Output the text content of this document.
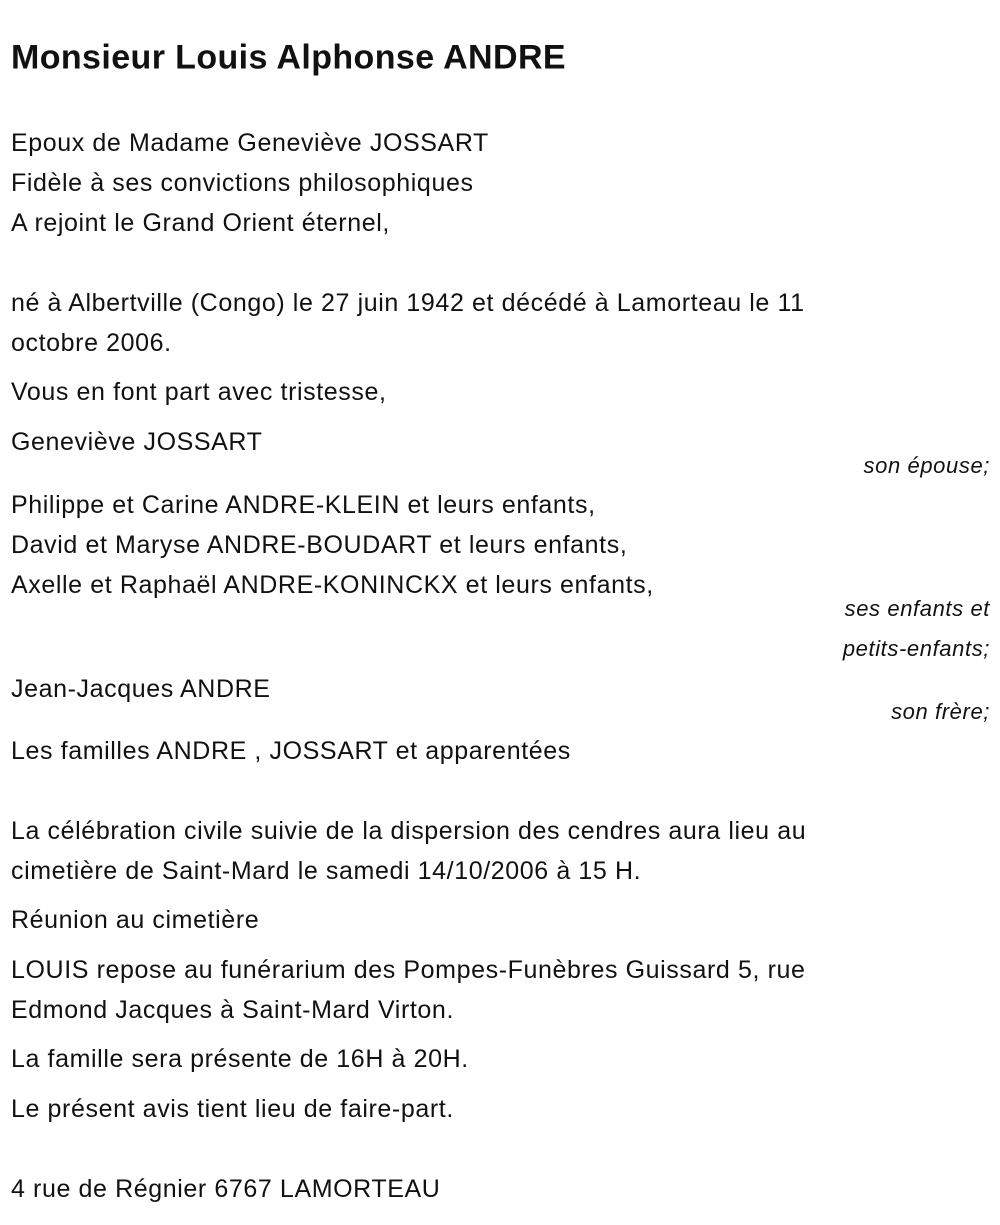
Monsieur Louis Alphonse ANDRE
Epoux de Madame Geneviève JOSSART
Fidèle à ses convictions philosophiques
A rejoint le Grand Orient éternel,
né à Albertville (Congo) le 27 juin 1942 et décédé à Lamorteau le 11
octobre 2006.
Vous en font part avec tristesse,
Geneviève JOSSART
son épouse;
Philippe et Carine ANDRE-KLEIN et leurs enfants,
David et Maryse ANDRE-BOUDART et leurs enfants,
Axelle et Raphaël ANDRE-KONINCKX et leurs enfants,
ses enfants et
petits-enfants;
Jean-Jacques ANDRE
son frère;
Les familles ANDRE , JOSSART et apparentées
La célébration civile suivie de la dispersion des cendres aura lieu au
cimetière de Saint-Mard le samedi 14/10/2006 à 15 H.
Réunion au cimetière
LOUIS repose au funérarium des Pompes-Funèbres Guissard 5, rue
Edmond Jacques à Saint-Mard Virton.
La famille sera présente de 16H à 20H.
Le présent avis tient lieu de faire-part.
4 rue de Régnier 6767 LAMORTEAU
